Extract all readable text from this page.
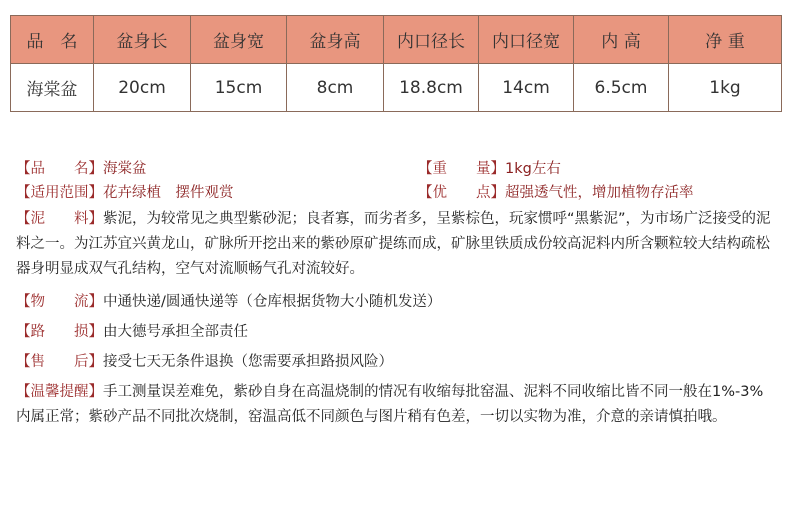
品　名	盆身长	盆身宽	盆身高	内口径长	内口径宽	内 高	净 重
海棠盆	20cm	15cm	8cm	18.8cm	14cm	6.5cm	1kg
【品　　名】海棠盆	【重　　量】1kg左右
【适用范围】花卉绿植　摆件观赏	【优　　点】超强透气性，增加植物存活率
【泥　　料】紫泥，为较常见之典型紫砂泥；良者寡，而劣者多，呈紫棕色，玩家惯呼“黑紫泥”，为市场广泛接受的泥料之一。为江苏宜兴黄龙山，矿脉所开挖出来的紫砂原矿提练而成，矿脉里铁质成份较高泥料内所含颗粒较大结构疏松器身明显成双气孔结构，空气对流顺畅气孔对流较好。
【物　　流】中通快递/圆通快递等（仓库根据货物大小随机发送）
【路　　损】由大德号承担全部责任
【售　　后】接受七天无条件退换（您需要承担路损风险）
【温馨提醒】手工测量误差难免，紫砂自身在高温烧制的情况有收缩每批窑温、泥料不同收缩比皆不同一般在1%-3%内属正常；紫砂产品不同批次烧制，窑温高低不同颜色与图片稍有色差，一切以实物为准，介意的亲请慎拍哦。
